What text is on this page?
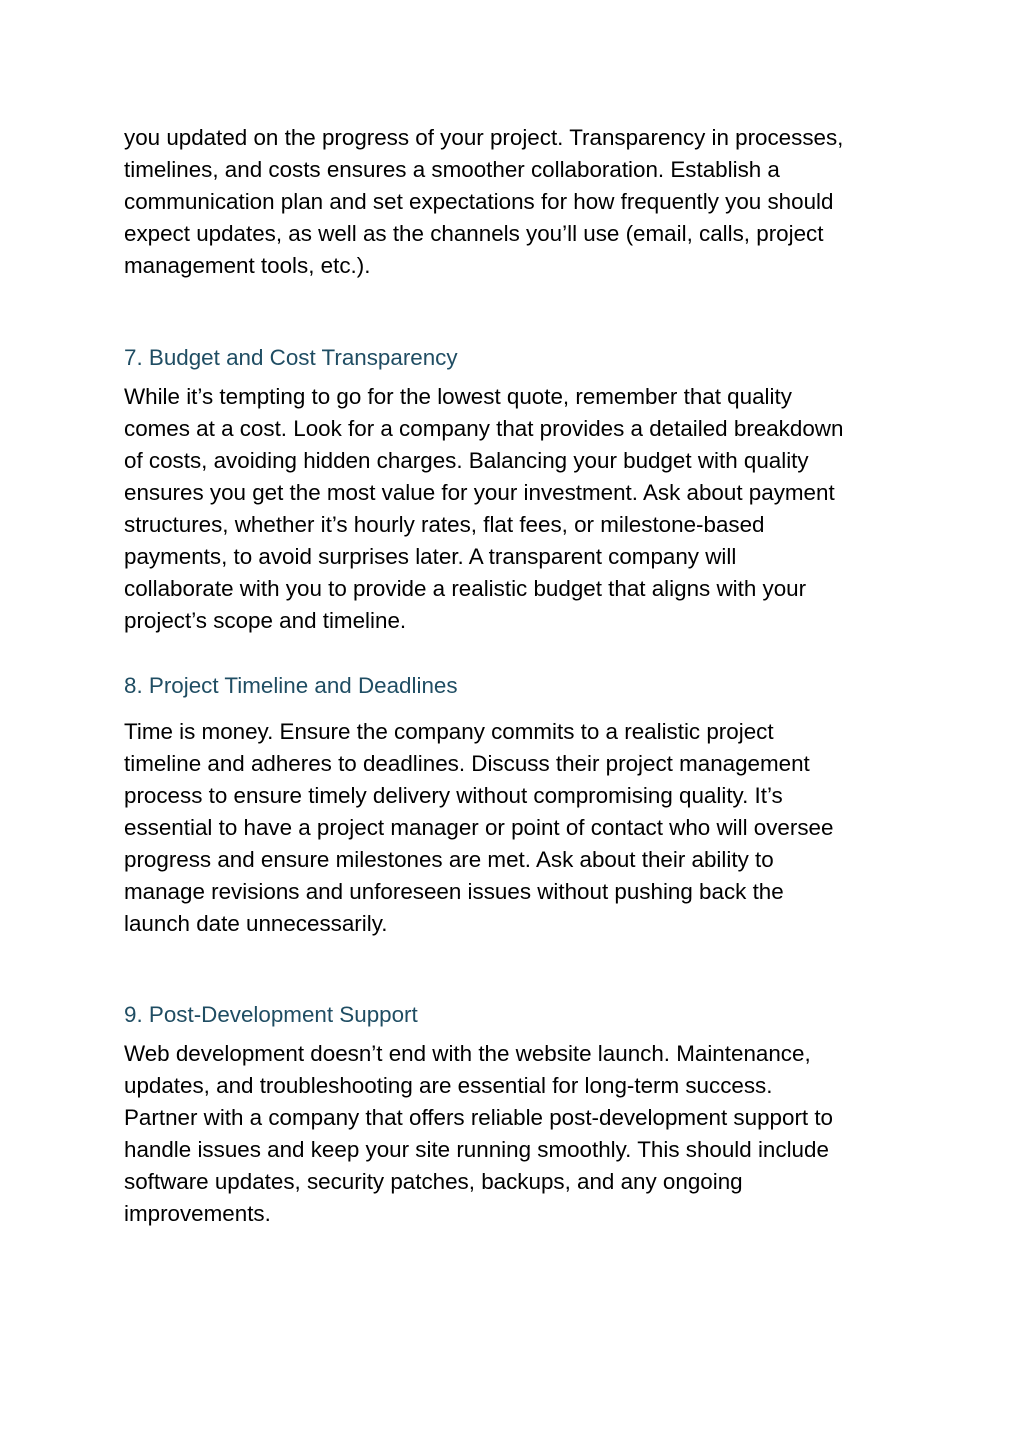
you updated on the progress of your project. Transparency in processes,
timelines, and costs ensures a smoother collaboration. Establish a
communication plan and set expectations for how frequently you should
expect updates, as well as the channels you’ll use (email, calls, project
management tools, etc.).

7. Budget and Cost Transparency

While it’s tempting to go for the lowest quote, remember that quality
comes at a cost. Look for a company that provides a detailed breakdown
of costs, avoiding hidden charges. Balancing your budget with quality
ensures you get the most value for your investment. Ask about payment
structures, whether it’s hourly rates, flat fees, or milestone-based
payments, to avoid surprises later. A transparent company will
collaborate with you to provide a realistic budget that aligns with your
project’s scope and timeline.

8. Project Timeline and Deadlines

Time is money. Ensure the company commits to a realistic project
timeline and adheres to deadlines. Discuss their project management
process to ensure timely delivery without compromising quality. It’s
essential to have a project manager or point of contact who will oversee
progress and ensure milestones are met. Ask about their ability to
manage revisions and unforeseen issues without pushing back the
launch date unnecessarily.

9. Post-Development Support

Web development doesn’t end with the website launch. Maintenance,
updates, and troubleshooting are essential for long-term success.
Partner with a company that offers reliable post-development support to
handle issues and keep your site running smoothly. This should include
software updates, security patches, backups, and any ongoing
improvements.
